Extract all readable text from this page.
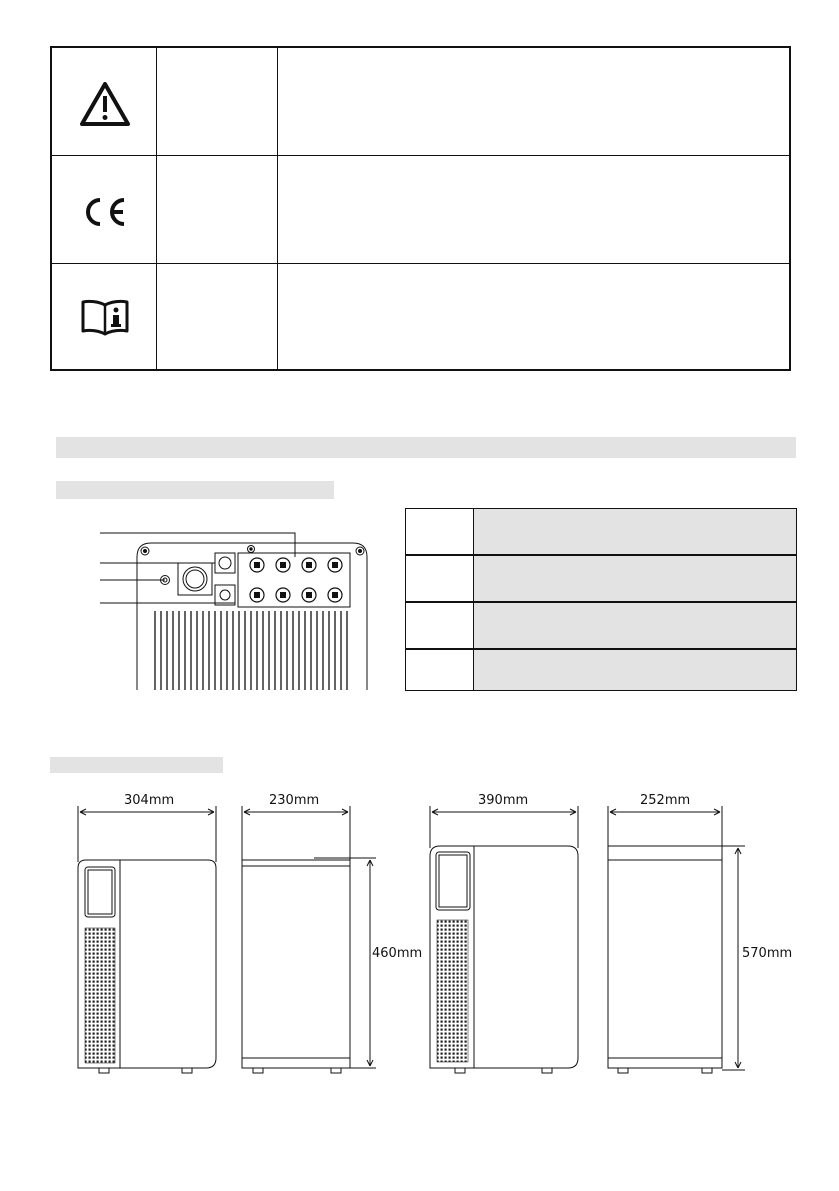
304mm	230mm
460mm
390mm	252mm
570mm
